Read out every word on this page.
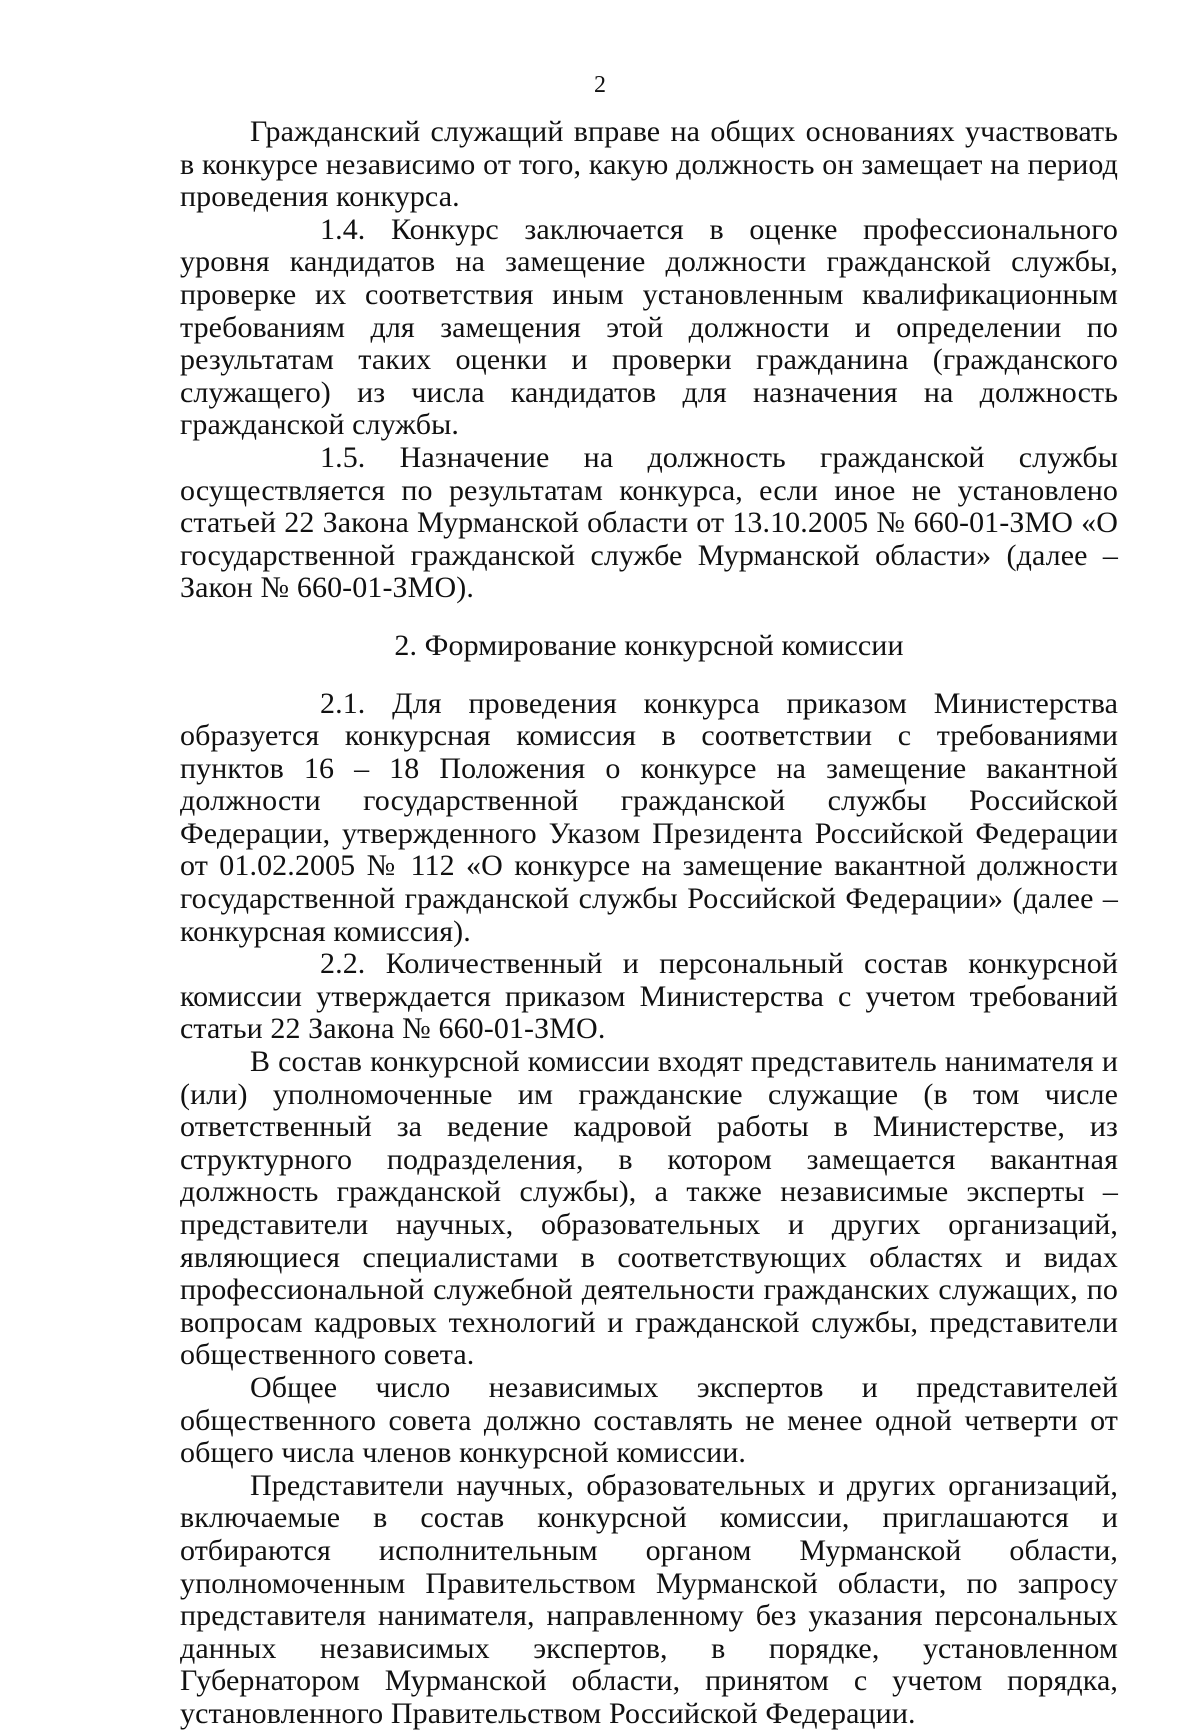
2

Гражданский служащий вправе на общих основаниях участвовать в конкурсе независимо от того, какую должность он замещает на период проведения конкурса.

1.4. Конкурс заключается в оценке профессионального уровня кандидатов на замещение должности гражданской службы, проверке их соответствия иным установленным квалификационным требованиям для замещения этой должности и определении по результатам таких оценки и проверки гражданина (гражданского служащего) из числа кандидатов для назначения на должность гражданской службы.

1.5. Назначение на должность гражданской службы осуществляется по результатам конкурса, если иное не установлено статьей 22 Закона Мурманской области от 13.10.2005 № 660-01-ЗМО «О государственной гражданской службе Мурманской области» (далее – Закон № 660-01-ЗМО).

2. Формирование конкурсной комиссии

2.1. Для проведения конкурса приказом Министерства образуется конкурсная комиссия в соответствии с требованиями пунктов 16 – 18 Положения о конкурсе на замещение вакантной должности государственной гражданской службы Российской Федерации, утвержденного Указом Президента Российской Федерации от 01.02.2005 № 112 «О конкурсе на замещение вакантной должности государственной гражданской службы Российской Федерации» (далее – конкурсная комиссия).

2.2. Количественный и персональный состав конкурсной комиссии утверждается приказом Министерства с учетом требований статьи 22 Закона № 660-01-ЗМО.

В состав конкурсной комиссии входят представитель нанимателя и (или) уполномоченные им гражданские служащие (в том числе ответственный за ведение кадровой работы в Министерстве, из структурного подразделения, в котором замещается вакантная должность гражданской службы), а также независимые эксперты – представители научных, образовательных и других организаций, являющиеся специалистами в соответствующих областях и видах профессиональной служебной деятельности гражданских служащих, по вопросам кадровых технологий и гражданской службы, представители общественного совета.

Общее число независимых экспертов и представителей общественного совета должно составлять не менее одной четверти от общего числа членов конкурсной комиссии.

Представители научных, образовательных и других организаций, включаемые в состав конкурсной комиссии, приглашаются и отбираются исполнительным органом Мурманской области, уполномоченным Правительством Мурманской области, по запросу представителя нанимателя, направленному без указания персональных данных независимых экспертов, в порядке, установленном Губернатором Мурманской области, принятом с учетом порядка, установленного Правительством Российской Федерации.
